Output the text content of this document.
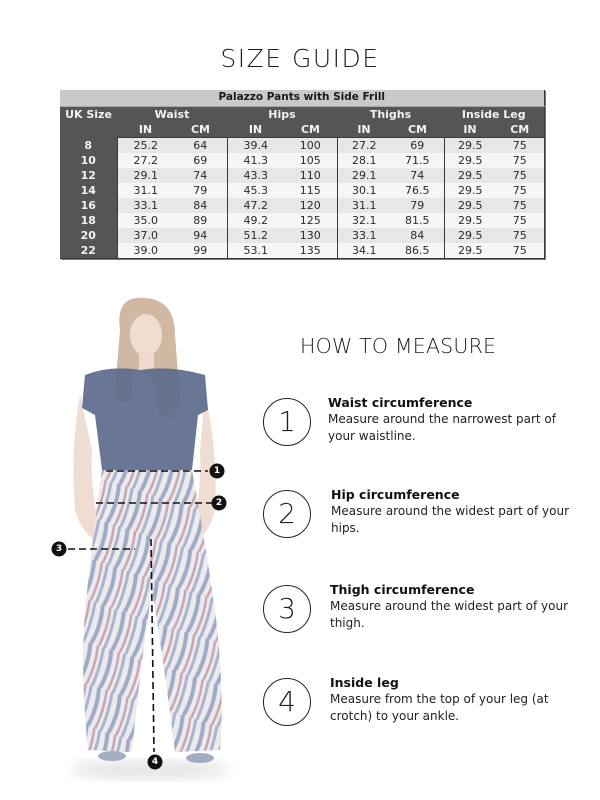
SIZE GUIDE
Palazzo Pants with Side Frill								
UK Size	Waist		Hips		Thighs		Inside Leg	
	IN	CM	IN	CM	IN	CM	IN	CM
8	25.2	64	39.4	100	27.2	69	29.5	75
10	27.2	69	41.3	105	28.1	71.5	29.5	75
12	29.1	74	43.3	110	29.1	74	29.5	75
14	31.1	79	45.3	115	30.1	76.5	29.5	75
16	33.1	84	47.2	120	31.1	79	29.5	75
18	35.0	89	49.2	125	32.1	81.5	29.5	75
20	37.0	94	51.2	130	33.1	84	29.5	75
22	39.0	99	53.1	135	34.1	86.5	29.5	75
1
2
3
4
HOW TO MEASURE
1
Waist circumference
Measure around the narrowest part of your waistline.
2
Hip circumference
Measure around the widest part of your hips.
3
Thigh circumference
Measure around the widest part of your thigh.
4
Inside leg
Measure from the top of your leg (at crotch) to your ankle.
